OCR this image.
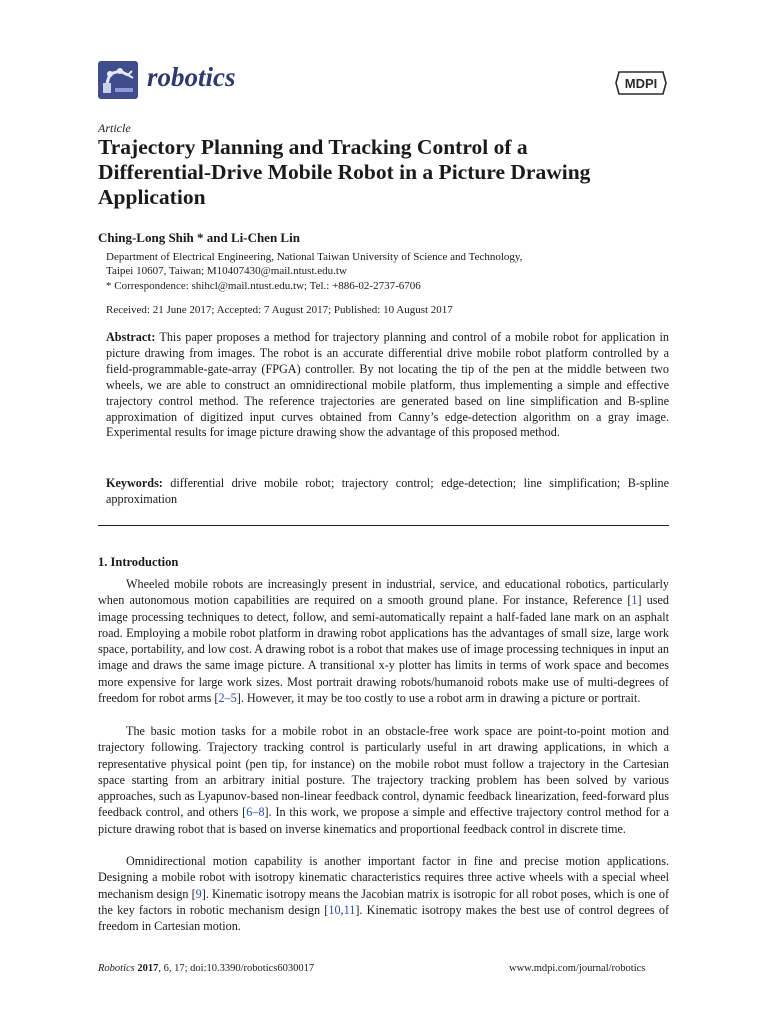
robotics	MDPI
Article
Trajectory Planning and Tracking Control of a Differential-Drive Mobile Robot in a Picture Drawing Application
Ching-Long Shih * and Li-Chen Lin
Department of Electrical Engineering, National Taiwan University of Science and Technology,
Taipei 10607, Taiwan; M10407430@mail.ntust.edu.tw
* Correspondence: shihcl@mail.ntust.edu.tw; Tel.: +886-02-2737-6706
Received: 21 June 2017; Accepted: 7 August 2017; Published: 10 August 2017
Abstract: This paper proposes a method for trajectory planning and control of a mobile robot for application in picture drawing from images. The robot is an accurate differential drive mobile robot platform controlled by a field-programmable-gate-array (FPGA) controller. By not locating the tip of the pen at the middle between two wheels, we are able to construct an omnidirectional mobile platform, thus implementing a simple and effective trajectory control method. The reference trajectories are generated based on line simplification and B-spline approximation of digitized input curves obtained from Canny’s edge-detection algorithm on a gray image. Experimental results for image picture drawing show the advantage of this proposed method.
Keywords: differential drive mobile robot; trajectory control; edge-detection; line simplification; B-spline approximation
1. Introduction
Wheeled mobile robots are increasingly present in industrial, service, and educational robotics, particularly when autonomous motion capabilities are required on a smooth ground plane. For instance, Reference [1] used image processing techniques to detect, follow, and semi-automatically repaint a half-faded lane mark on an asphalt road. Employing a mobile robot platform in drawing robot applications has the advantages of small size, large work space, portability, and low cost. A drawing robot is a robot that makes use of image processing techniques in input an image and draws the same image picture. A transitional x-y plotter has limits in terms of work space and becomes more expensive for large work sizes. Most portrait drawing robots/humanoid robots make use of multi-degrees of freedom for robot arms [2–5]. However, it may be too costly to use a robot arm in drawing a picture or portrait.
The basic motion tasks for a mobile robot in an obstacle-free work space are point-to-point motion and trajectory following. Trajectory tracking control is particularly useful in art drawing applications, in which a representative physical point (pen tip, for instance) on the mobile robot must follow a trajectory in the Cartesian space starting from an arbitrary initial posture. The trajectory tracking problem has been solved by various approaches, such as Lyapunov-based non-linear feedback control, dynamic feedback linearization, feed-forward plus feedback control, and others [6–8]. In this work, we propose a simple and effective trajectory control method for a picture drawing robot that is based on inverse kinematics and proportional feedback control in discrete time.
Omnidirectional motion capability is another important factor in fine and precise motion applications. Designing a mobile robot with isotropy kinematic characteristics requires three active wheels with a special wheel mechanism design [9]. Kinematic isotropy means the Jacobian matrix is isotropic for all robot poses, which is one of the key factors in robotic mechanism design [10,11]. Kinematic isotropy makes the best use of control degrees of freedom in Cartesian motion.
Robotics 2017, 6, 17; doi:10.3390/robotics6030017	www.mdpi.com/journal/robotics
